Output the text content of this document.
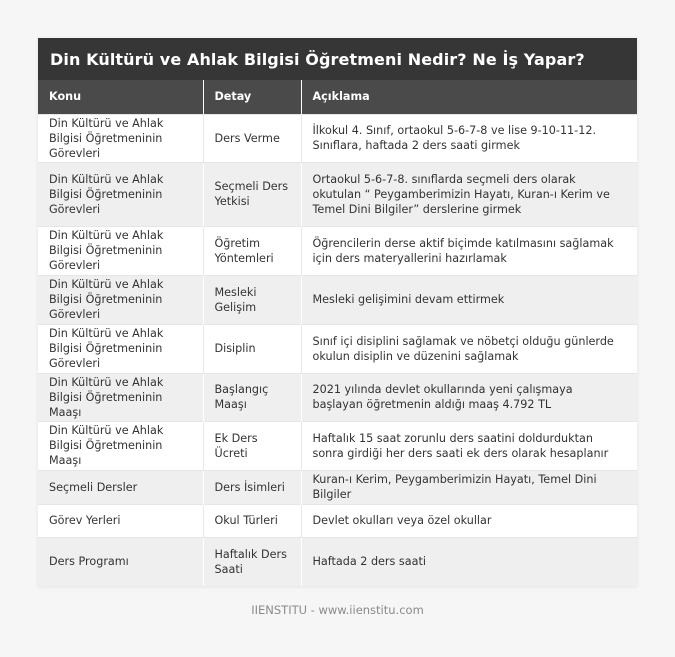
Din Kültürü ve Ahlak Bilgisi Öğretmeni Nedir? Ne İş Yapar?
Konu	Detay	Açıklama
Din Kültürü ve Ahlak Bilgisi Öğretmeninin Görevleri	Ders Verme	İlkokul 4. Sınıf, ortaokul 5-6-7-8 ve lise 9-10-11-12. Sınıflara, haftada 2 ders saati girmek
Din Kültürü ve Ahlak Bilgisi Öğretmeninin Görevleri	Seçmeli Ders Yetkisi	Ortaokul 5-6-7-8. sınıflarda seçmeli ders olarak okutulan “ Peygamberimizin Hayatı, Kuran-ı Kerim ve Temel Dini Bilgiler” derslerine girmek
Din Kültürü ve Ahlak Bilgisi Öğretmeninin Görevleri	Öğretim Yöntemleri	Öğrencilerin derse aktif biçimde katılmasını sağlamak için ders materyallerini hazırlamak
Din Kültürü ve Ahlak Bilgisi Öğretmeninin Görevleri	Mesleki Gelişim	Mesleki gelişimini devam ettirmek
Din Kültürü ve Ahlak Bilgisi Öğretmeninin Görevleri	Disiplin	Sınıf içi disiplini sağlamak ve nöbetçi olduğu günlerde okulun disiplin ve düzenini sağlamak
Din Kültürü ve Ahlak Bilgisi Öğretmeninin Maaşı	Başlangıç Maaşı	2021 yılında devlet okullarında yeni çalışmaya başlayan öğretmenin aldığı maaş 4.792 TL
Din Kültürü ve Ahlak Bilgisi Öğretmeninin Maaşı	Ek Ders Ücreti	Haftalık 15 saat zorunlu ders saatini doldurduktan sonra girdiği her ders saati ek ders olarak hesaplanır
Seçmeli Dersler	Ders İsimleri	Kuran-ı Kerim, Peygamberimizin Hayatı, Temel Dini Bilgiler
Görev Yerleri	Okul Türleri	Devlet okulları veya özel okullar
Ders Programı	Haftalık Ders Saati	Haftada 2 ders saati
IIENSTITU - www.iienstitu.com
